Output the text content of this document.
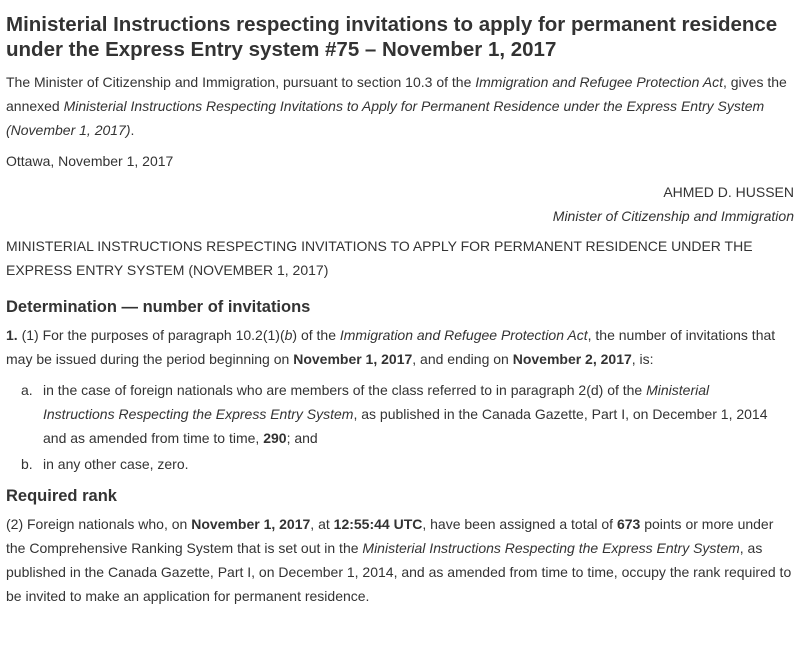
Ministerial Instructions respecting invitations to apply for permanent residence under the Express Entry system #75 – November 1, 2017

The Minister of Citizenship and Immigration, pursuant to section 10.3 of the Immigration and Refugee Protection Act, gives the annexed Ministerial Instructions Respecting Invitations to Apply for Permanent Residence under the Express Entry System (November 1, 2017).

Ottawa, November 1, 2017

AHMED D. HUSSEN
Minister of Citizenship and Immigration

MINISTERIAL INSTRUCTIONS RESPECTING INVITATIONS TO APPLY FOR PERMANENT RESIDENCE UNDER THE EXPRESS ENTRY SYSTEM (NOVEMBER 1, 2017)

Determination — number of invitations

1. (1) For the purposes of paragraph 10.2(1)(b) of the Immigration and Refugee Protection Act, the number of invitations that may be issued during the period beginning on November 1, 2017, and ending on November 2, 2017, is:

a. in the case of foreign nationals who are members of the class referred to in paragraph 2(d) of the Ministerial Instructions Respecting the Express Entry System, as published in the Canada Gazette, Part I, on December 1, 2014 and as amended from time to time, 290; and
b. in any other case, zero.
Required rank

(2) Foreign nationals who, on November 1, 2017, at 12:55:44 UTC, have been assigned a total of 673 points or more under the Comprehensive Ranking System that is set out in the Ministerial Instructions Respecting the Express Entry System, as published in the Canada Gazette, Part I, on December 1, 2014, and as amended from time to time, occupy the rank required to be invited to make an application for permanent residence.
